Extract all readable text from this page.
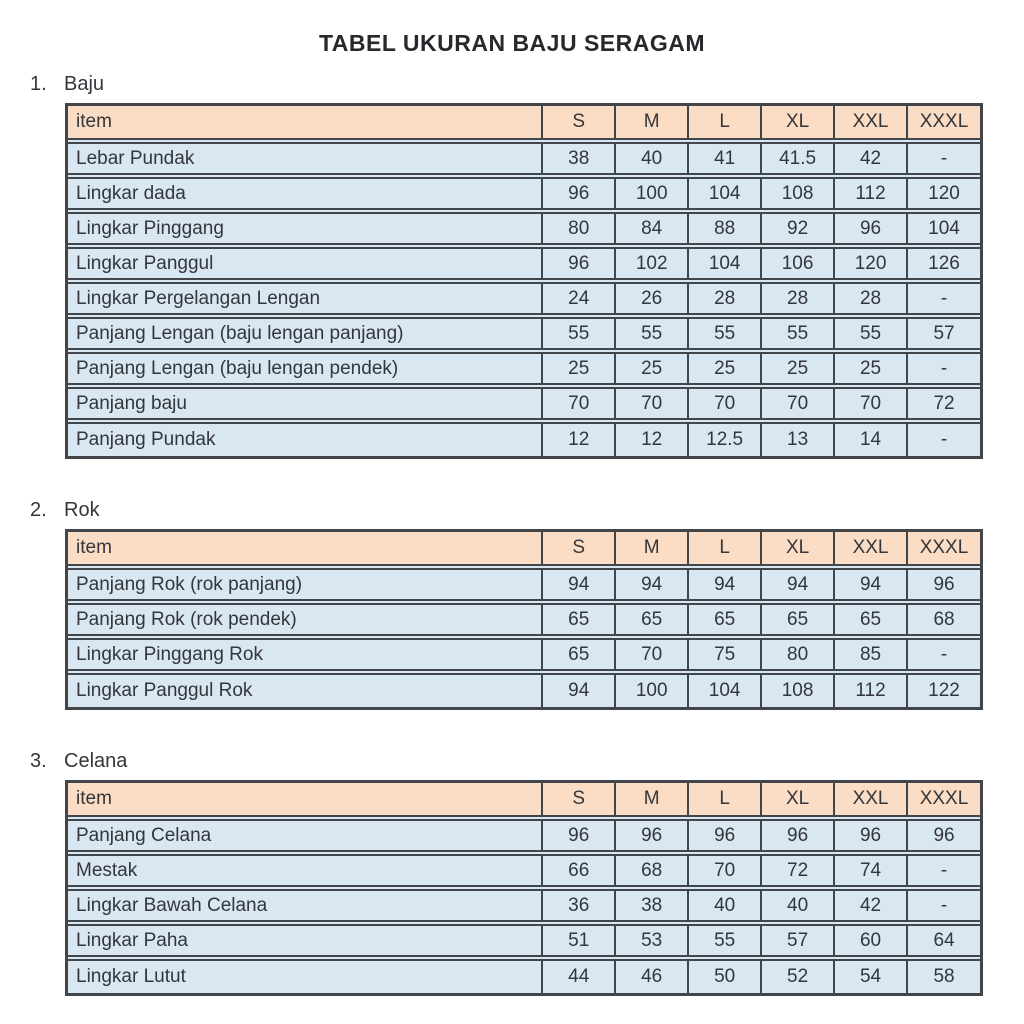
TABEL UKURAN BAJU SERAGAM
1. Baju
item	S	M	L	XL	XXL	XXXL
Lebar Pundak	38	40	41	41.5	42	-
Lingkar dada	96	100	104	108	112	120
Lingkar Pinggang	80	84	88	92	96	104
Lingkar Panggul	96	102	104	106	120	126
Lingkar Pergelangan Lengan	24	26	28	28	28	-
Panjang Lengan (baju lengan panjang)	55	55	55	55	55	57
Panjang Lengan (baju lengan pendek)	25	25	25	25	25	-
Panjang baju	70	70	70	70	70	72
Panjang Pundak	12	12	12.5	13	14	-
2. Rok
item	S	M	L	XL	XXL	XXXL
Panjang Rok (rok panjang)	94	94	94	94	94	96
Panjang Rok (rok pendek)	65	65	65	65	65	68
Lingkar Pinggang Rok	65	70	75	80	85	-
Lingkar Panggul Rok	94	100	104	108	112	122
3. Celana
item	S	M	L	XL	XXL	XXXL
Panjang Celana	96	96	96	96	96	96
Mestak	66	68	70	72	74	-
Lingkar Bawah Celana	36	38	40	40	42	-
Lingkar Paha	51	53	55	57	60	64
Lingkar Lutut	44	46	50	52	54	58
